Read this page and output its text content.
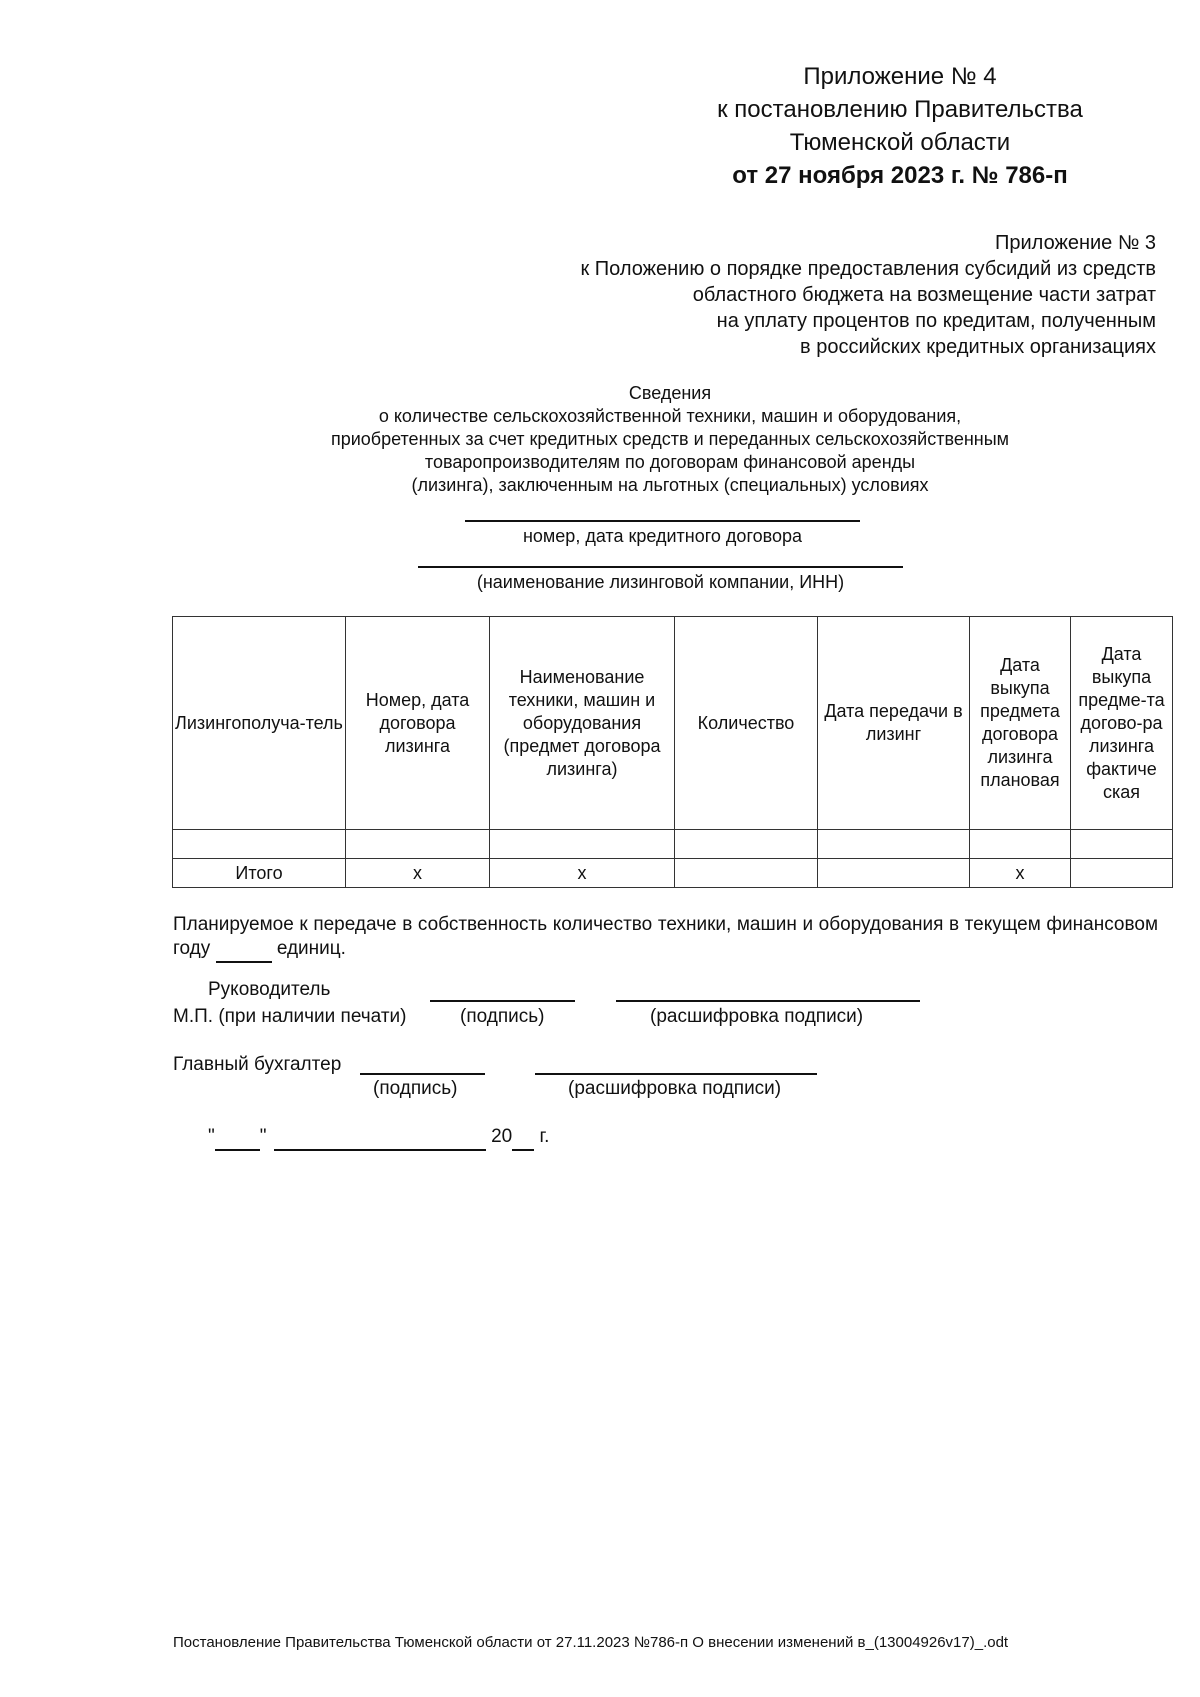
Приложение № 4
к постановлению Правительства
Тюменской области
от 27 ноября 2023 г. № 786-п
Приложение № 3
к Положению о порядке предоставления субсидий из средств
областного бюджета на возмещение части затрат
на уплату процентов по кредитам, полученным
в российских кредитных организациях
Сведения
о количестве сельскохозяйственной техники, машин и оборудования,
приобретенных за счет кредитных средств и переданных сельскохозяйственным
товаропроизводителям по договорам финансовой аренды
(лизинга), заключенным на льготных (специальных) условиях
номер, дата кредитного договора
(наименование лизинговой компании, ИНН)
Лизингополуча-тель	Номер, дата договора лизинга	Наименование техники, машин и оборудования (предмет договора лизинга)	Количество	Дата передачи в лизинг	Дата выкупа предмета договора лизинга плановая	Дата выкупа предме-та догово-ра лизинга фактиче ская

Итого	х	х			х	
Планируемое к передаче в собственность количество техники, машин и оборудования в текущем финансовом году	единиц.
Руководитель
М.П. (при наличии печати)	(подпись)	(расшифровка подписи)
Главный бухгалтер
(подпись)	(расшифровка подписи)
" "	20 г.
Постановление Правительства Тюменской области от 27.11.2023 №786-п О внесении изменений в_(13004926v17)_.odt
